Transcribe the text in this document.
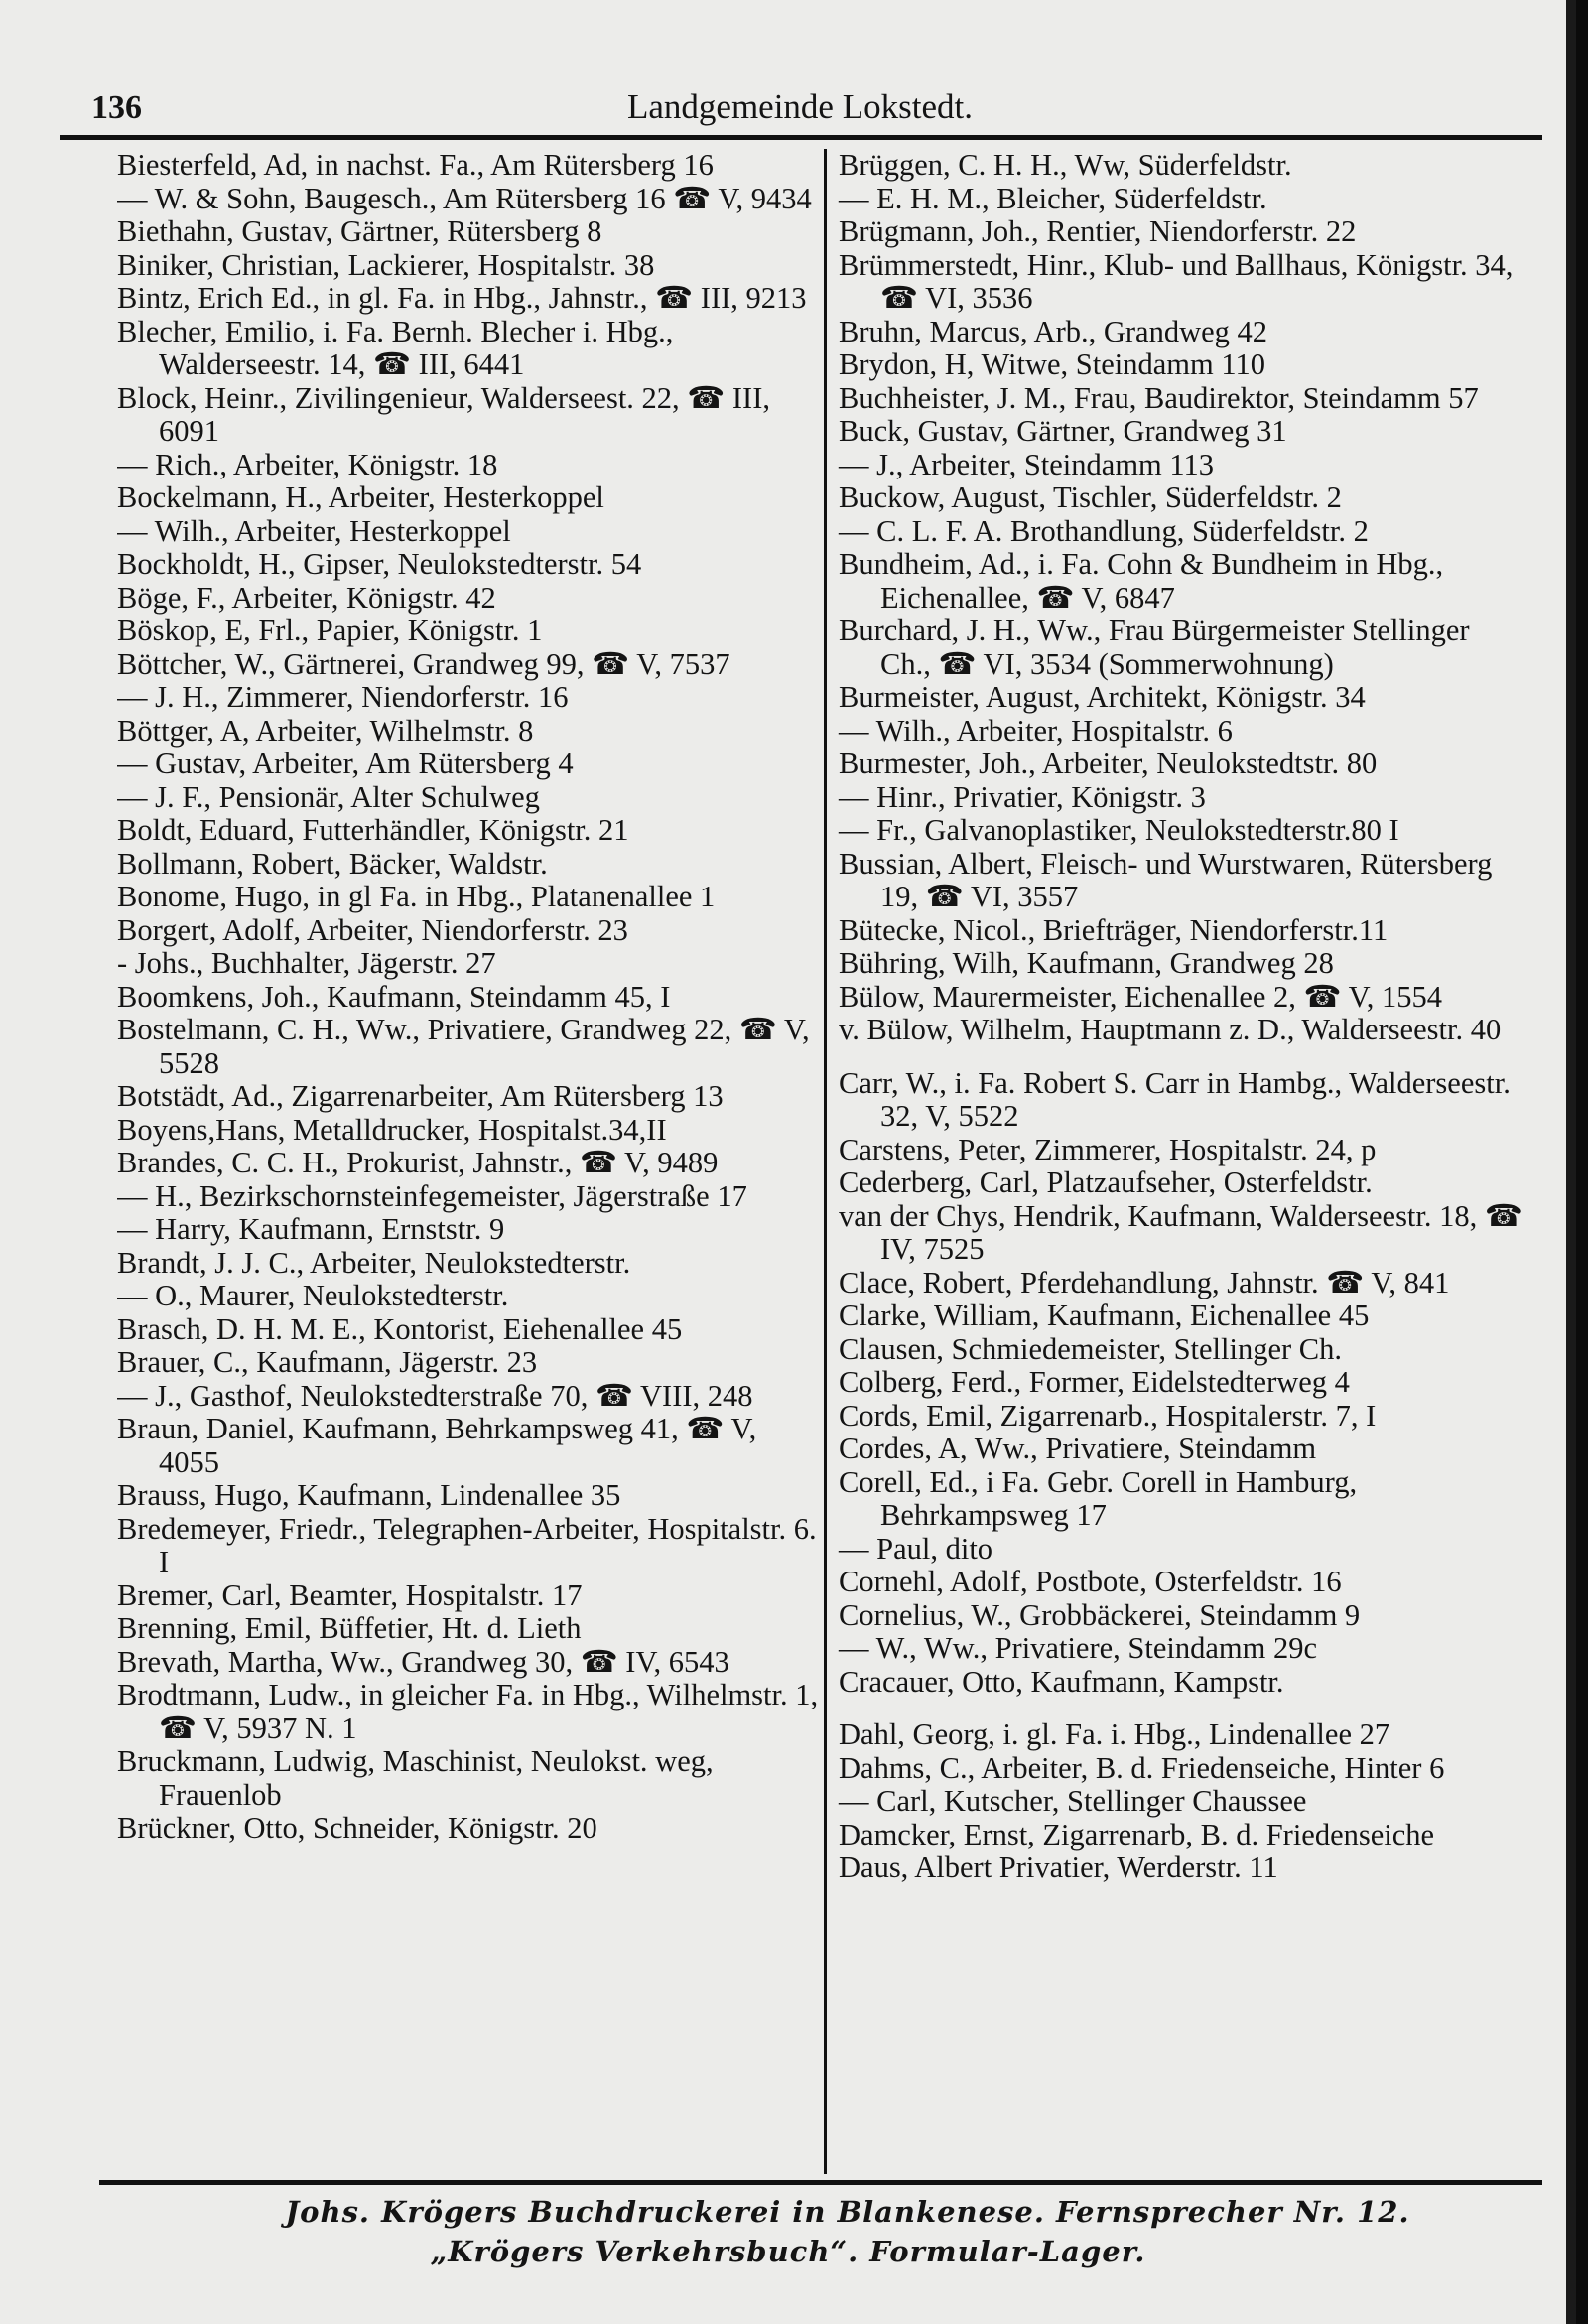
136	Landgemeinde Lokstedt.
Biesterfeld, Ad, in nachst. Fa., Am Rütersberg 16
— W. & Sohn, Baugesch., Am Rütersberg 16 ☎ V, 9434
Biethahn, Gustav, Gärtner, Rütersberg 8
Biniker, Christian, Lackierer, Hospitalstr. 38
Bintz, Erich Ed., in gl. Fa. in Hbg., Jahnstr., ☎ III, 9213
Blecher, Emilio, i. Fa. Bernh. Blecher i. Hbg., Walderseestr. 14, ☎ III, 6441
Block, Heinr., Zivilingenieur, Walderseest. 22, ☎ III, 6091
— Rich., Arbeiter, Königstr. 18
Bockelmann, H., Arbeiter, Hesterkoppel
— Wilh., Arbeiter, Hesterkoppel
Bockholdt, H., Gipser, Neulokstedterstr. 54
Böge, F., Arbeiter, Königstr. 42
Böskop, E, Frl., Papier, Königstr. 1
Böttcher, W., Gärtnerei, Grandweg 99, ☎ V, 7537
— J. H., Zimmerer, Niendorferstr. 16
Böttger, A, Arbeiter, Wilhelmstr. 8
— Gustav, Arbeiter, Am Rütersberg 4
— J. F., Pensionär, Alter Schulweg
Boldt, Eduard, Futterhändler, Königstr. 21
Bollmann, Robert, Bäcker, Waldstr.
Bonome, Hugo, in gl Fa. in Hbg., Platanenallee 1
Borgert, Adolf, Arbeiter, Niendorferstr. 23
- Johs., Buchhalter, Jägerstr. 27
Boomkens, Joh., Kaufmann, Steindamm 45, I
Bostelmann, C. H., Ww., Privatiere, Grandweg 22, ☎ V, 5528
Botstädt, Ad., Zigarrenarbeiter, Am Rütersberg 13
Boyens,Hans, Metalldrucker, Hospitalst.34,II
Brandes, C. C. H., Prokurist, Jahnstr., ☎ V, 9489
— H., Bezirkschornsteinfegemeister, Jägerstraße 17
— Harry, Kaufmann, Ernststr. 9
Brandt, J. J. C., Arbeiter, Neulokstedterstr.
— O., Maurer, Neulokstedterstr.
Brasch, D. H. M. E., Kontorist, Eiehenallee 45
Brauer, C., Kaufmann, Jägerstr. 23
— J., Gasthof, Neulokstedterstraße 70, ☎ VIII, 248
Braun, Daniel, Kaufmann, Behrkampsweg 41, ☎ V, 4055
Brauss, Hugo, Kaufmann, Lindenallee 35
Bredemeyer, Friedr., Telegraphen-Arbeiter, Hospitalstr. 6. I
Bremer, Carl, Beamter, Hospitalstr. 17
Brenning, Emil, Büffetier, Ht. d. Lieth
Brevath, Martha, Ww., Grandweg 30, ☎ IV, 6543
Brodtmann, Ludw., in gleicher Fa. in Hbg., Wilhelmstr. 1, ☎ V, 5937 N. 1
Bruckmann, Ludwig, Maschinist, Neulokst. weg, Frauenlob
Brückner, Otto, Schneider, Königstr. 20
Brüggen, C. H. H., Ww, Süderfeldstr.
— E. H. M., Bleicher, Süderfeldstr.
Brügmann, Joh., Rentier, Niendorferstr. 22
Brümmerstedt, Hinr., Klub- und Ballhaus, Königstr. 34, ☎ VI, 3536
Bruhn, Marcus, Arb., Grandweg 42
Brydon, H, Witwe, Steindamm 110
Buchheister, J. M., Frau, Baudirektor, Steindamm 57
Buck, Gustav, Gärtner, Grandweg 31
— J., Arbeiter, Steindamm 113
Buckow, August, Tischler, Süderfeldstr. 2
— C. L. F. A. Brothandlung, Süderfeldstr. 2
Bundheim, Ad., i. Fa. Cohn & Bundheim in Hbg., Eichenallee, ☎ V, 6847
Burchard, J. H., Ww., Frau Bürgermeister Stellinger Ch., ☎ VI, 3534 (Sommerwohnung)
Burmeister, August, Architekt, Königstr. 34
— Wilh., Arbeiter, Hospitalstr. 6
Burmester, Joh., Arbeiter, Neulokstedtstr. 80
— Hinr., Privatier, Königstr. 3
— Fr., Galvanoplastiker, Neulokstedterstr.80 I
Bussian, Albert, Fleisch- und Wurstwaren, Rütersberg 19, ☎ VI, 3557
Bütecke, Nicol., Briefträger, Niendorferstr.11
Bühring, Wilh, Kaufmann, Grandweg 28
Bülow, Maurermeister, Eichenallee 2, ☎ V, 1554
v. Bülow, Wilhelm, Hauptmann z. D., Walderseestr. 40
Carr, W., i. Fa. Robert S. Carr in Hambg., Walderseestr. 32, V, 5522
Carstens, Peter, Zimmerer, Hospitalstr. 24, p
Cederberg, Carl, Platzaufseher, Osterfeldstr.
van der Chys, Hendrik, Kaufmann, Walderseestr. 18, ☎ IV, 7525
Clace, Robert, Pferdehandlung, Jahnstr. ☎ V, 841
Clarke, William, Kaufmann, Eichenallee 45
Clausen, Schmiedemeister, Stellinger Ch.
Colberg, Ferd., Former, Eidelstedterweg 4
Cords, Emil, Zigarrenarb., Hospitalerstr. 7, I
Cordes, A, Ww., Privatiere, Steindamm
Corell, Ed., i Fa. Gebr. Corell in Hamburg, Behrkampsweg 17
— Paul, dito
Cornehl, Adolf, Postbote, Osterfeldstr. 16
Cornelius, W., Grobbäckerei, Steindamm 9
— W., Ww., Privatiere, Steindamm 29c
Cracauer, Otto, Kaufmann, Kampstr.
Dahl, Georg, i. gl. Fa. i. Hbg., Lindenallee 27
Dahms, C., Arbeiter, B. d. Friedenseiche, Hinter 6
— Carl, Kutscher, Stellinger Chaussee
Damcker, Ernst, Zigarrenarb, B. d. Friedenseiche
Daus, Albert Privatier, Werderstr. 11
Johs. Krögers Buchdruckerei in Blankenese. Fernsprecher Nr. 12.
„Krögers Verkehrsbuch“. Formular-Lager.
